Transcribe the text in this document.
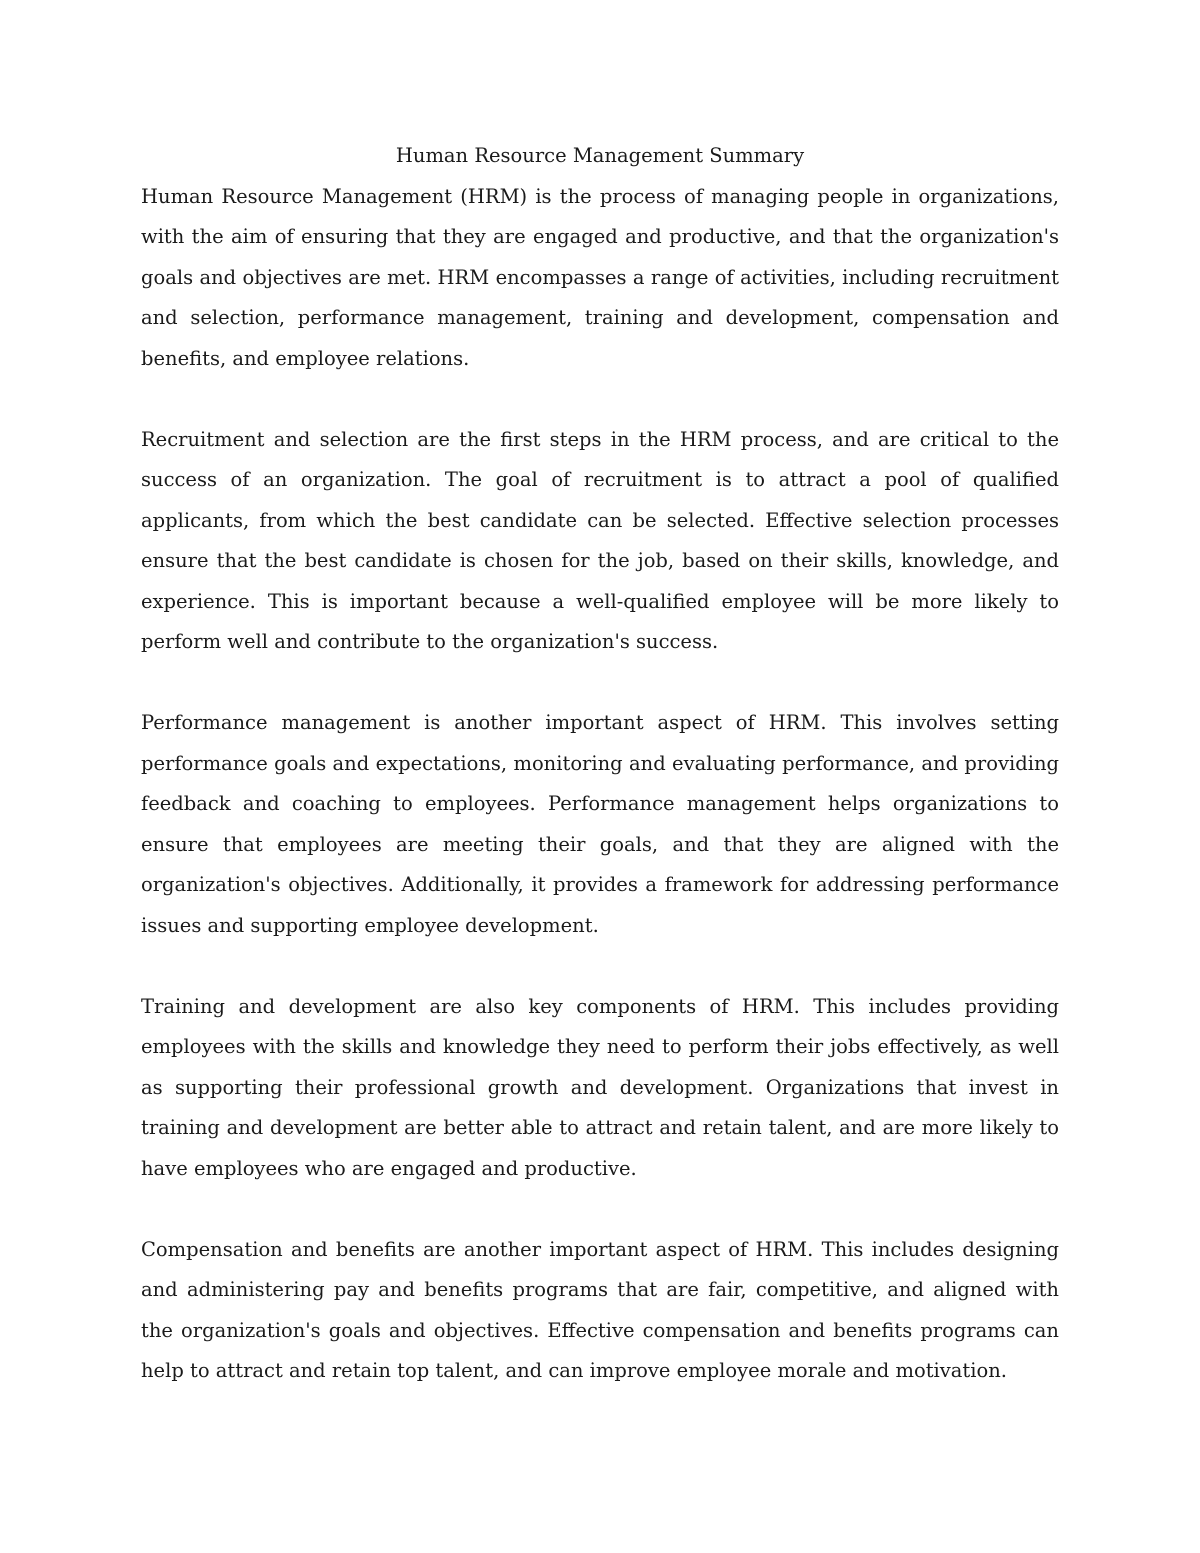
Human Resource Management Summary

Human Resource Management (HRM) is the process of managing people in organizations, with the aim of ensuring that they are engaged and productive, and that the organization's goals and objectives are met. HRM encompasses a range of activities, including recruitment and selection, performance management, training and development, compensation and benefits, and employee relations.

Recruitment and selection are the first steps in the HRM process, and are critical to the success of an organization. The goal of recruitment is to attract a pool of qualified applicants, from which the best candidate can be selected. Effective selection processes ensure that the best candidate is chosen for the job, based on their skills, knowledge, and experience. This is important because a well-qualified employee will be more likely to perform well and contribute to the organization's success.

Performance management is another important aspect of HRM. This involves setting performance goals and expectations, monitoring and evaluating performance, and providing feedback and coaching to employees. Performance management helps organizations to ensure that employees are meeting their goals, and that they are aligned with the organization's objectives. Additionally, it provides a framework for addressing performance issues and supporting employee development.

Training and development are also key components of HRM. This includes providing employees with the skills and knowledge they need to perform their jobs effectively, as well as supporting their professional growth and development. Organizations that invest in training and development are better able to attract and retain talent, and are more likely to have employees who are engaged and productive.

Compensation and benefits are another important aspect of HRM. This includes designing and administering pay and benefits programs that are fair, competitive, and aligned with the organization's goals and objectives. Effective compensation and benefits programs can help to attract and retain top talent, and can improve employee morale and motivation.
